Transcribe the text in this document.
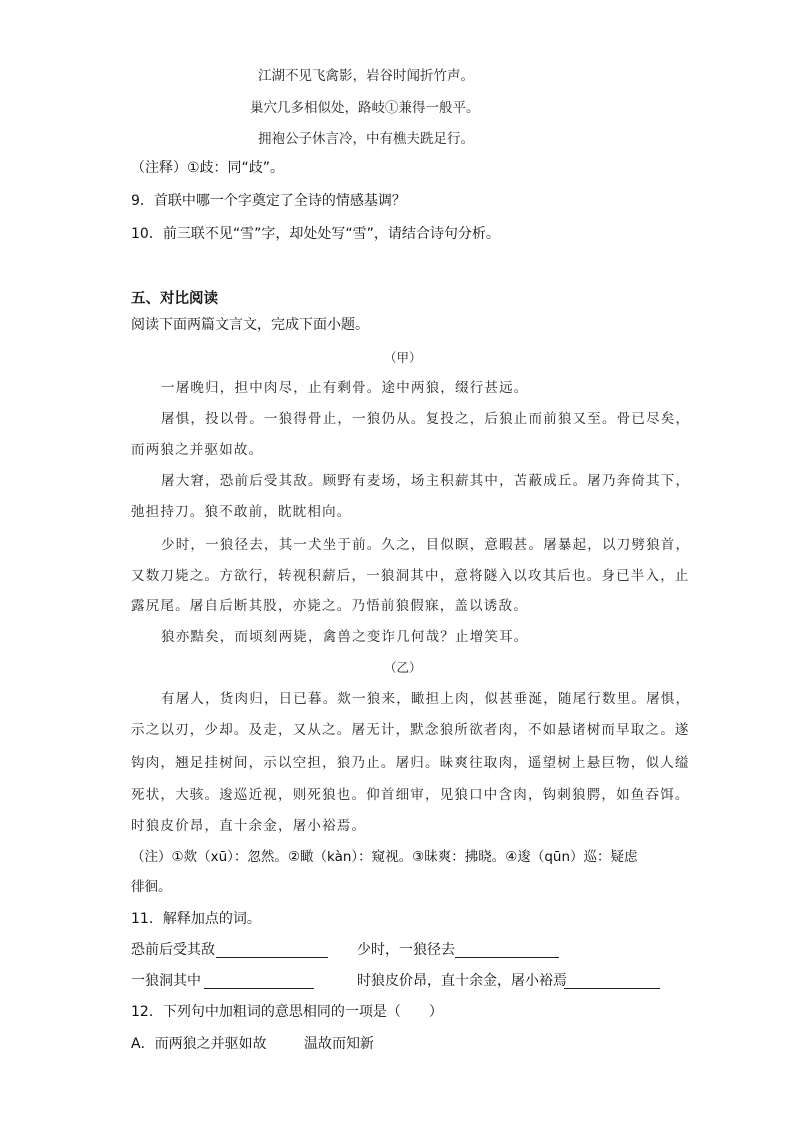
江湖不见飞禽影，岩谷时闻折竹声。
巢穴几多相似处，路岐①兼得一般平。
拥袍公子休言冷，中有樵夫跣足行。
（注释）①歧：同“歧”。
9．首联中哪一个字奠定了全诗的情感基调？
10．前三联不见“雪”字，却处处写“雪”，请结合诗句分析。
五、对比阅读
阅读下面两篇文言文，完成下面小题。
（甲）
一屠晚归，担中肉尽，止有剩骨。途中两狼，缀行甚远。
屠惧，投以骨。一狼得骨止，一狼仍从。复投之，后狼止而前狼又至。骨已尽矣，
而两狼之并驱如故。
屠大窘，恐前后受其敌。顾野有麦场，场主积薪其中，苫蔽成丘。屠乃奔倚其下，
弛担持刀。狼不敢前，眈眈相向。
少时，一狼径去，其一犬坐于前。久之，目似瞑，意暇甚。屠暴起，以刀劈狼首，
又数刀毙之。方欲行，转视积薪后，一狼洞其中，意将隧入以攻其后也。身已半入，止
露尻尾。屠自后断其股，亦毙之。乃悟前狼假寐，盖以诱敌。
狼亦黠矣，而顷刻两毙，禽兽之变诈几何哉？止增笑耳。
（乙）
有屠人，货肉归，日已暮。欻一狼来，瞰担上肉，似甚垂涎，随尾行数里。屠惧，
示之以刃，少却。及走，又从之。屠无计，默念狼所欲者肉，不如悬诸树而早取之。遂
钩肉，翘足挂树间，示以空担，狼乃止。屠归。昧爽往取肉，遥望树上悬巨物，似人缢
死状，大骇。逡巡近视，则死狼也。仰首细审，见狼口中含肉，钩刺狼腭，如鱼吞饵。
时狼皮价昂，直十余金，屠小裕焉。
（注）①欻（xū）：忽然。②瞰（kàn）：窥视。③昧爽：拂晓。④逡（qūn）巡：疑虑
徘徊。
11．解释加点的词。
恐前后受其敌	少时，一狼径去
一狼洞其中	时狼皮价昂，直十余金，屠小裕焉
12．下列句中加粗词的意思相同的一项是（　　）
A．而两狼之并驱如故	温故而知新
